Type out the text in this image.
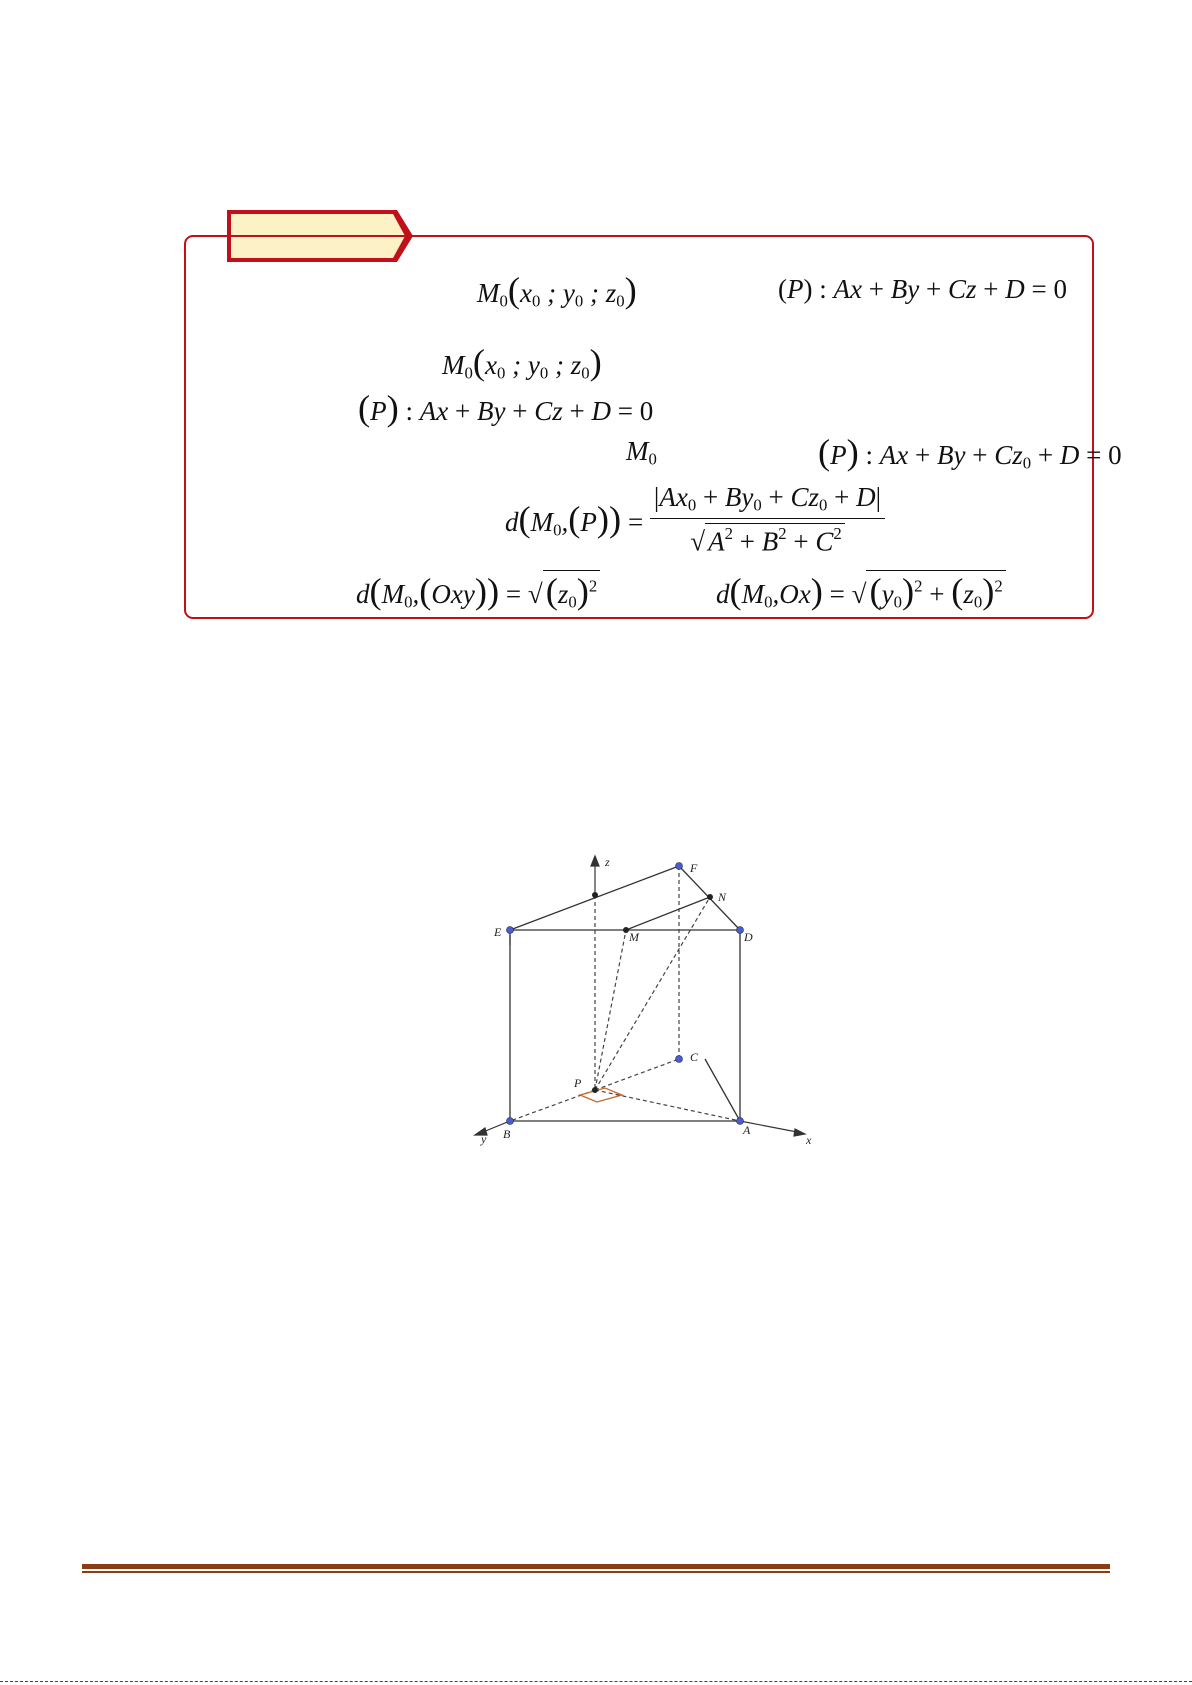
$M_0(x_0$ ; $y_0$ ; $z_0$)	(P) : Ax + By + Cz + D = 0
$M_0(x_0$ ; $y_0$ ; $z_0$)
(P) : Ax + By + Cz + D = 0
$M_0$	(P) : $Ax + By + Cz_0 + D = 0$
$d(M_0,(P)) = \frac{|Ax_0 + By_0 + Cz_0 + D|}{√ A^2 + B^2 + C^2}$
$d(M_0,(Oxy)) = √(z_0)^2$	$d(M_0,Ox) = √(y_0)^2 + (z_0)^2$
z	F
N
E	M	D
C
P
B	A
y	x
